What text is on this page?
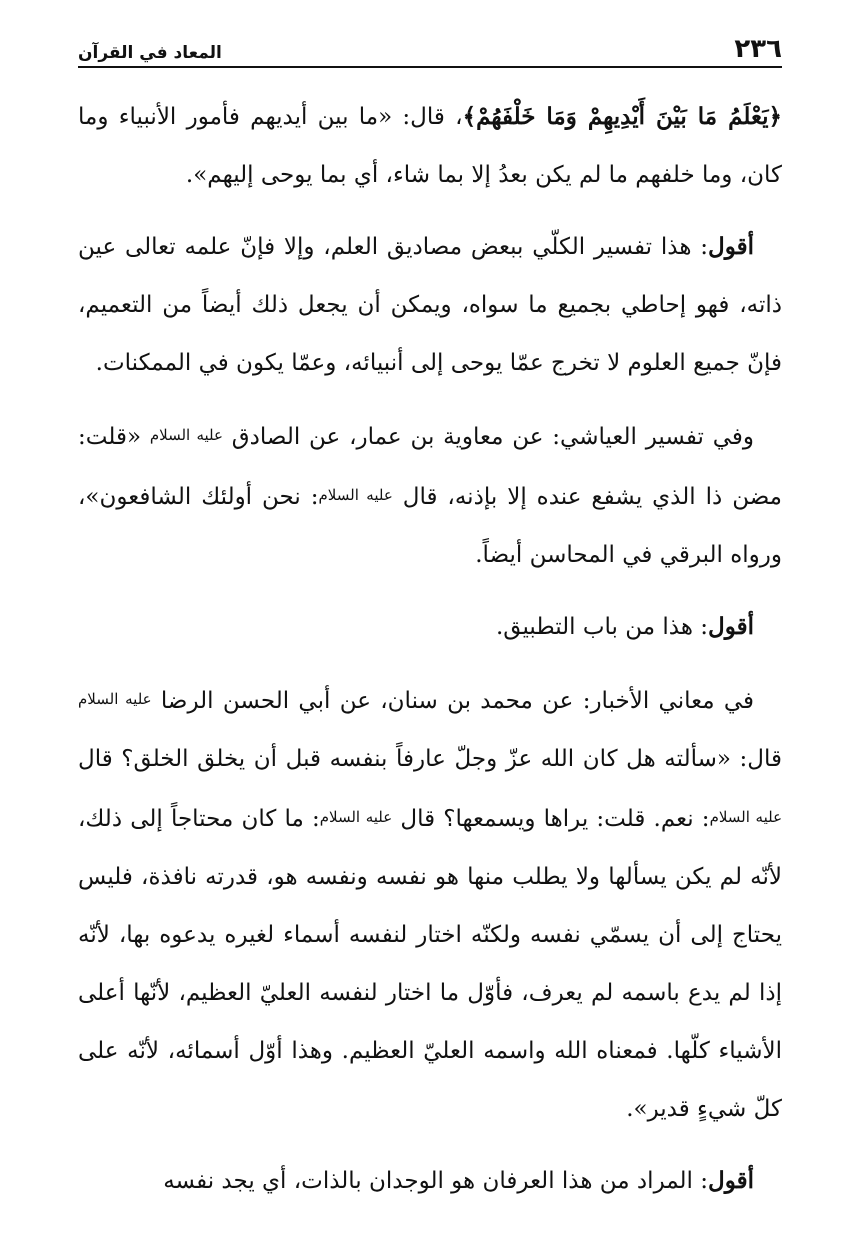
٢٣٦
المعاد في القرآن

﴿يَعْلَمُ مَا بَيْنَ أَيْدِيهِمْ وَمَا خَلْفَهُمْ﴾، قال: «ما بين أيديهم فأمور الأنبياء وما كان، وما خلفهم ما لم يكن بعدُ إلا بما شاء، أي بما يوحى إليهم».

أقول: هذا تفسير الكلّي ببعض مصاديق العلم، وإلا فإنّ علمه تعالى عين ذاته، فهو إحاطي بجميع ما سواه، ويمكن أن يجعل ذلك أيضاً من التعميم، فإنّ جميع العلوم لا تخرج عمّا يوحى إلى أنبيائه، وعمّا يكون في الممكنات.

وفي تفسير العياشي: عن معاوية بن عمار، عن الصادق عليه السلام «قلت: مضن ذا الذي يشفع عنده إلا بإذنه، قال عليه السلام: نحن أولئك الشافعون»، ورواه البرقي في المحاسن أيضاً.

أقول: هذا من باب التطبيق.

في معاني الأخبار: عن محمد بن سنان، عن أبي الحسن الرضا عليه السلام قال: «سألته هل كان الله عزّ وجلّ عارفاً بنفسه قبل أن يخلق الخلق؟ قال عليه السلام: نعم. قلت: يراها ويسمعها؟ قال عليه السلام: ما كان محتاجاً إلى ذلك، لأنّه لم يكن يسألها ولا يطلب منها هو نفسه ونفسه هو، قدرته نافذة، فليس يحتاج إلى أن يسمّي نفسه ولكنّه اختار لنفسه أسماء لغيره يدعوه بها، لأنّه إذا لم يدع باسمه لم يعرف، فأوّل ما اختار لنفسه العليّ العظيم، لأنّها أعلى الأشياء كلّها. فمعناه الله واسمه العليّ العظيم. وهذا أوّل أسمائه، لأنّه على كلّ شيءٍ قدير».

أقول: المراد من هذا العرفان هو الوجدان بالذات، أي يجد نفسه
